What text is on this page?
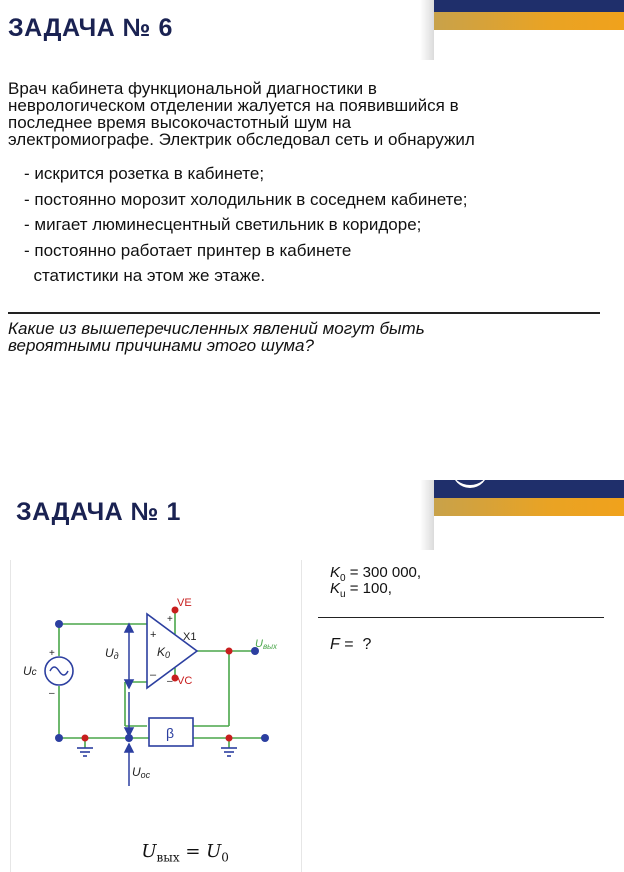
ЗАДАЧА № 6
Врач кабинета функциональной диагностики в
неврологическом отделении жалуется на появившийся в
последнее время высокочастотный шум на
электромиографе. Электрик обследовал сеть и обнаружил
- искрится розетка в кабинете;
- постоянно морозит холодильник в соседнем кабинете;
- мигает люминесцентный светильник в коридоре;
- постоянно работает принтер в кабинете
статистики на этом же этаже.
Какие из вышеперечисленных явлений могут быть
вероятными причинами этого шума?
ЗАДАЧА № 1
$K_0 = 300$ 000,
$K_u = 100$,
F =  ?
VE
VC
X1
+
–
+
–
+
–
Uд	K0
Uвых
Uc
β
Uос

$U_{вых} = U_0$
